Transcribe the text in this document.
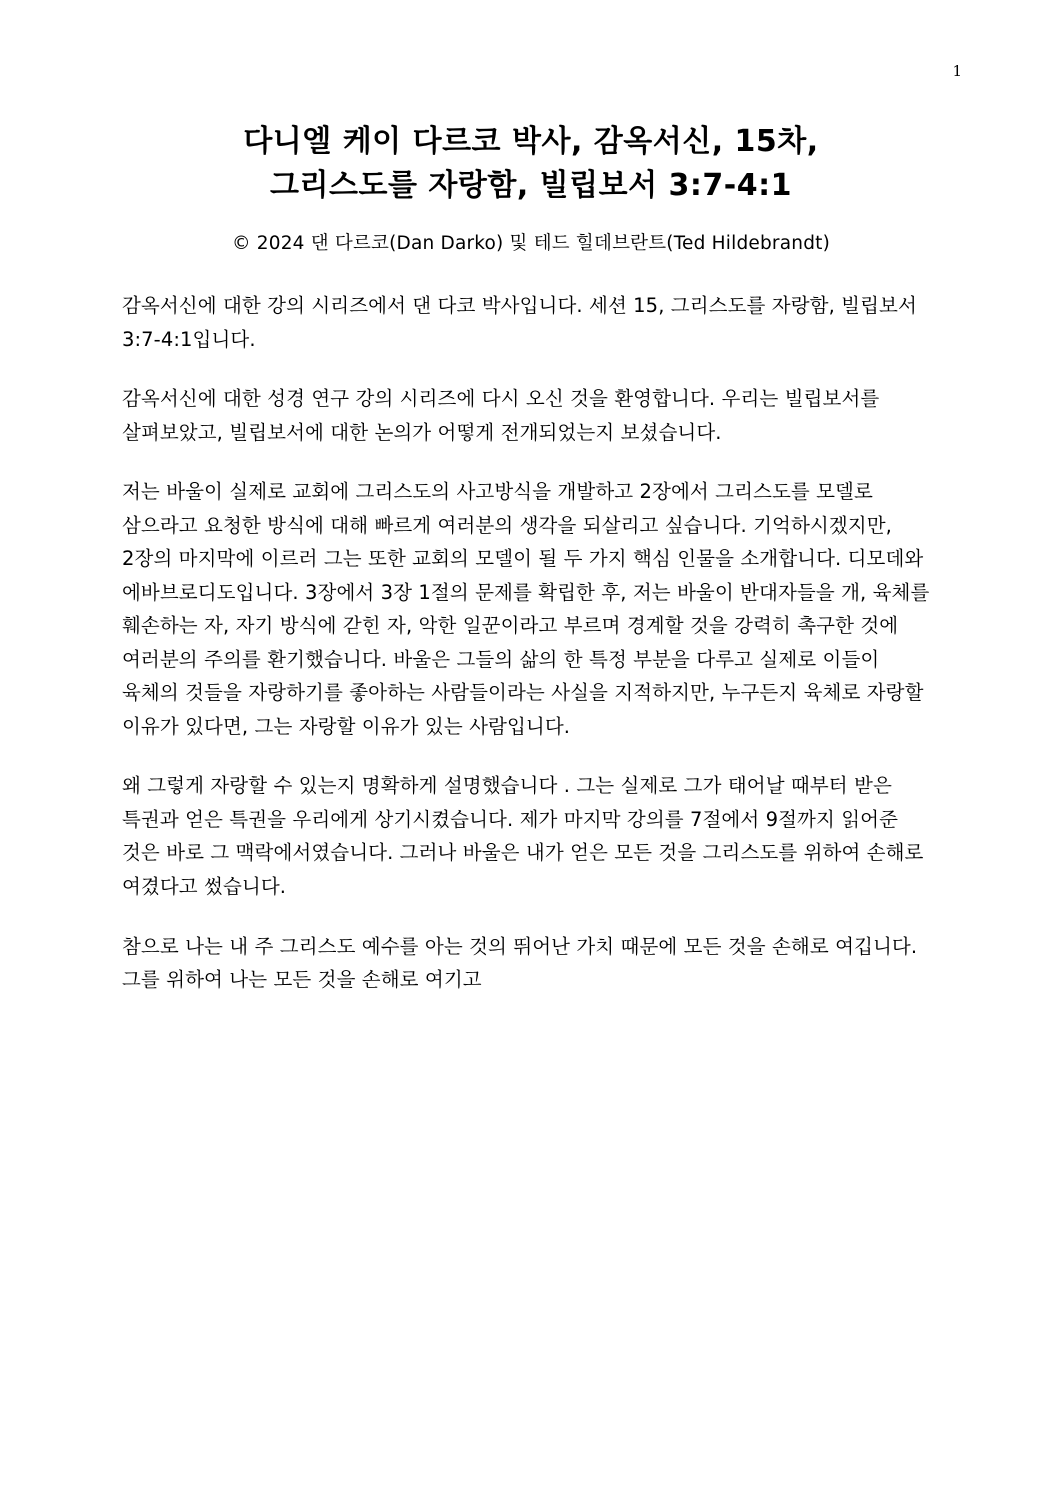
1
다니엘 케이 다르코 박사, 감옥서신, 15차,
그리스도를 자랑함, 빌립보서 3:7-4:1
© 2024 댄 다르코(Dan Darko) 및 테드 힐데브란트(Ted Hildebrandt)

감옥서신에 대한 강의 시리즈에서 댄 다코 박사입니다. 세션 15, 그리스도를 자랑함, 빌립보서 3:7-4:1입니다.

감옥서신에 대한 성경 연구 강의 시리즈에 다시 오신 것을 환영합니다. 우리는 빌립보서를 살펴보았고, 빌립보서에 대한 논의가 어떻게 전개되었는지 보셨습니다.

저는 바울이 실제로 교회에 그리스도의 사고방식을 개발하고 2장에서 그리스도를 모델로 삼으라고 요청한 방식에 대해 빠르게 여러분의 생각을 되살리고 싶습니다. 기억하시겠지만, 2장의 마지막에 이르러 그는 또한 교회의 모델이 될 두 가지 핵심 인물을 소개합니다. 디모데와 에바브로디도입니다. 3장에서 3장 1절의 문제를 확립한 후, 저는 바울이 반대자들을 개, 육체를 훼손하는 자, 자기 방식에 갇힌 자, 악한 일꾼이라고 부르며 경계할 것을 강력히 촉구한 것에 여러분의 주의를 환기했습니다. 바울은 그들의 삶의 한 특정 부분을 다루고 실제로 이들이 육체의 것들을 자랑하기를 좋아하는 사람들이라는 사실을 지적하지만, 누구든지 육체로 자랑할 이유가 있다면, 그는 자랑할 이유가 있는 사람입니다.

왜 그렇게 자랑할 수 있는지 명확하게 설명했습니다 . 그는 실제로 그가 태어날 때부터 받은 특권과 얻은 특권을 우리에게 상기시켰습니다. 제가 마지막 강의를 7절에서 9절까지 읽어준 것은 바로 그 맥락에서였습니다. 그러나 바울은 내가 얻은 모든 것을 그리스도를 위하여 손해로 여겼다고 썼습니다.

참으로 나는 내 주 그리스도 예수를 아는 것의 뛰어난 가치 때문에 모든 것을 손해로 여깁니다. 그를 위하여 나는 모든 것을 손해로 여기고
